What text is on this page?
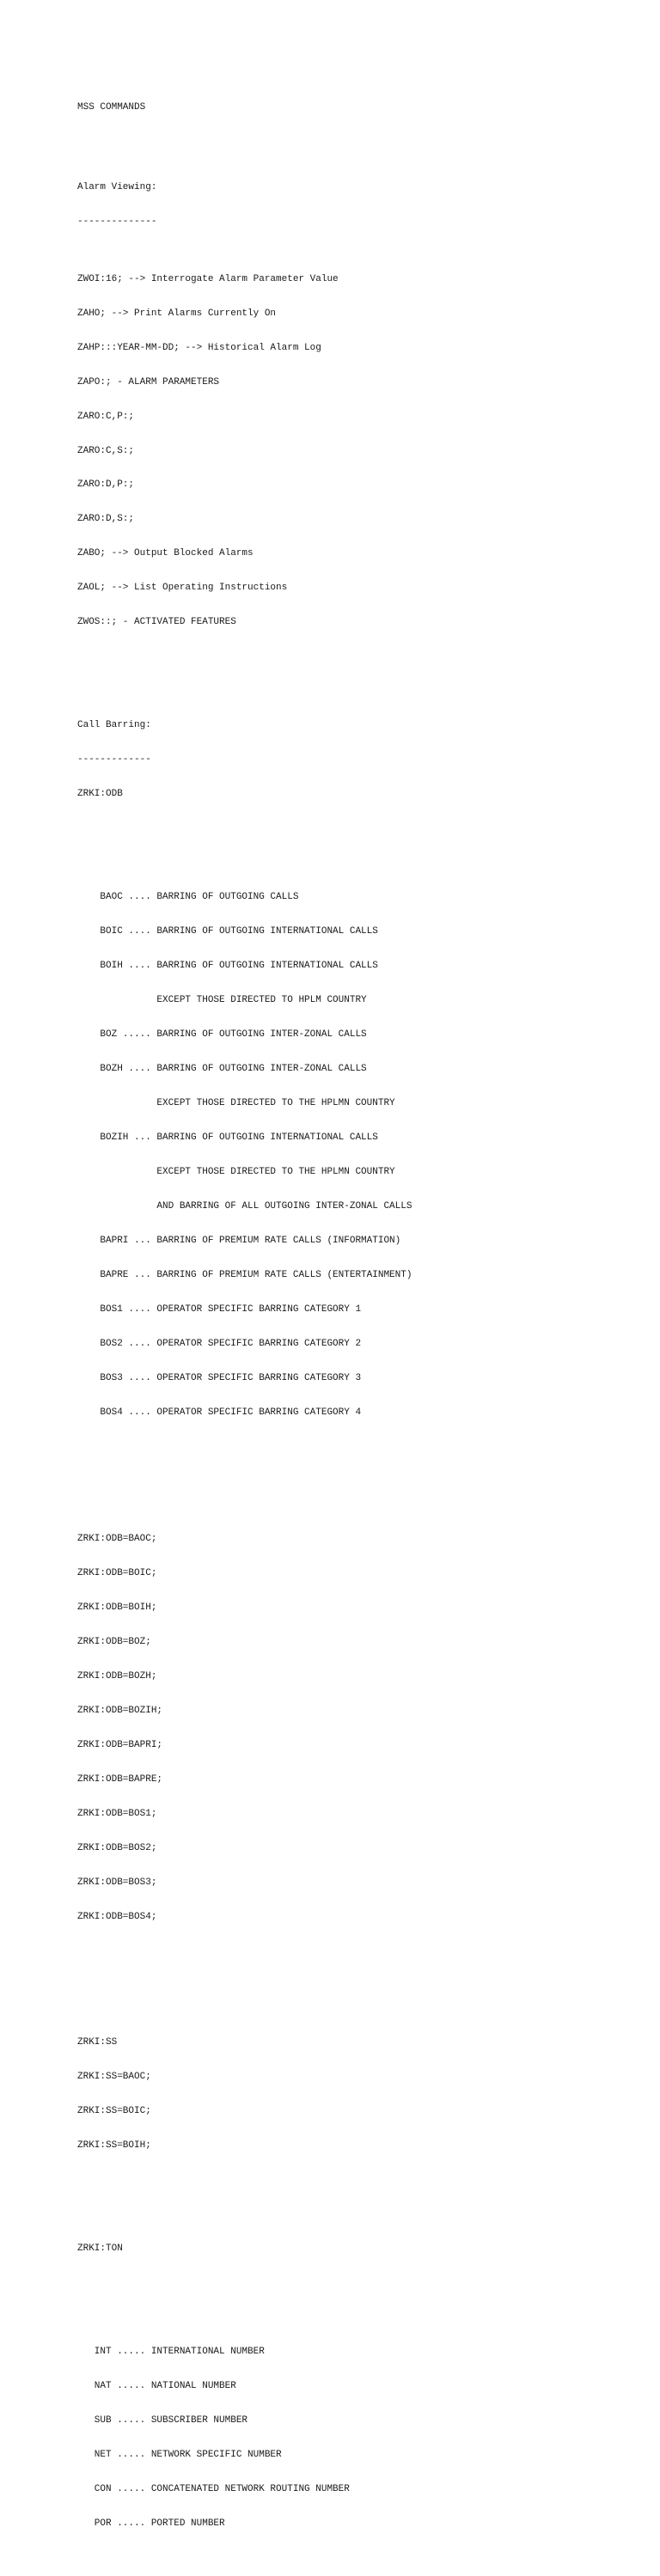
MSS COMMANDS

Alarm Viewing:

--------------

ZWOI:16; --> Interrogate Alarm Parameter Value

ZAHO; --> Print Alarms Currently On

ZAHP:::YEAR-MM-DD; --> Historical Alarm Log

ZAPO:; - ALARM PARAMETERS

ZARO:C,P:;

ZARO:C,S:;

ZARO:D,P:;

ZARO:D,S:;

ZABO; --> Output Blocked Alarms

ZAOL; --> List Operating Instructions

ZWOS::; - ACTIVATED FEATURES

Call Barring:

-------------

ZRKI:ODB

BAOC .... BARRING OF OUTGOING CALLS

BOIC .... BARRING OF OUTGOING INTERNATIONAL CALLS

BOIH .... BARRING OF OUTGOING INTERNATIONAL CALLS

EXCEPT THOSE DIRECTED TO HPLM COUNTRY

BOZ ..... BARRING OF OUTGOING INTER-ZONAL CALLS

BOZH .... BARRING OF OUTGOING INTER-ZONAL CALLS

EXCEPT THOSE DIRECTED TO THE HPLMN COUNTRY

BOZIH ... BARRING OF OUTGOING INTERNATIONAL CALLS

EXCEPT THOSE DIRECTED TO THE HPLMN COUNTRY

AND BARRING OF ALL OUTGOING INTER-ZONAL CALLS

BAPRI ... BARRING OF PREMIUM RATE CALLS (INFORMATION)

BAPRE ... BARRING OF PREMIUM RATE CALLS (ENTERTAINMENT)

BOS1 .... OPERATOR SPECIFIC BARRING CATEGORY 1

BOS2 .... OPERATOR SPECIFIC BARRING CATEGORY 2

BOS3 .... OPERATOR SPECIFIC BARRING CATEGORY 3

BOS4 .... OPERATOR SPECIFIC BARRING CATEGORY 4

ZRKI:ODB=BAOC;

ZRKI:ODB=BOIC;

ZRKI:ODB=BOIH;

ZRKI:ODB=BOZ;

ZRKI:ODB=BOZH;

ZRKI:ODB=BOZIH;

ZRKI:ODB=BAPRI;

ZRKI:ODB=BAPRE;

ZRKI:ODB=BOS1;

ZRKI:ODB=BOS2;

ZRKI:ODB=BOS3;

ZRKI:ODB=BOS4;

ZRKI:SS

ZRKI:SS=BAOC;

ZRKI:SS=BOIC;

ZRKI:SS=BOIH;

ZRKI:TON

INT ..... INTERNATIONAL NUMBER

NAT ..... NATIONAL NUMBER

SUB ..... SUBSCRIBER NUMBER

NET ..... NETWORK SPECIFIC NUMBER

CON ..... CONCATENATED NETWORK ROUTING NUMBER

POR ..... PORTED NUMBER
